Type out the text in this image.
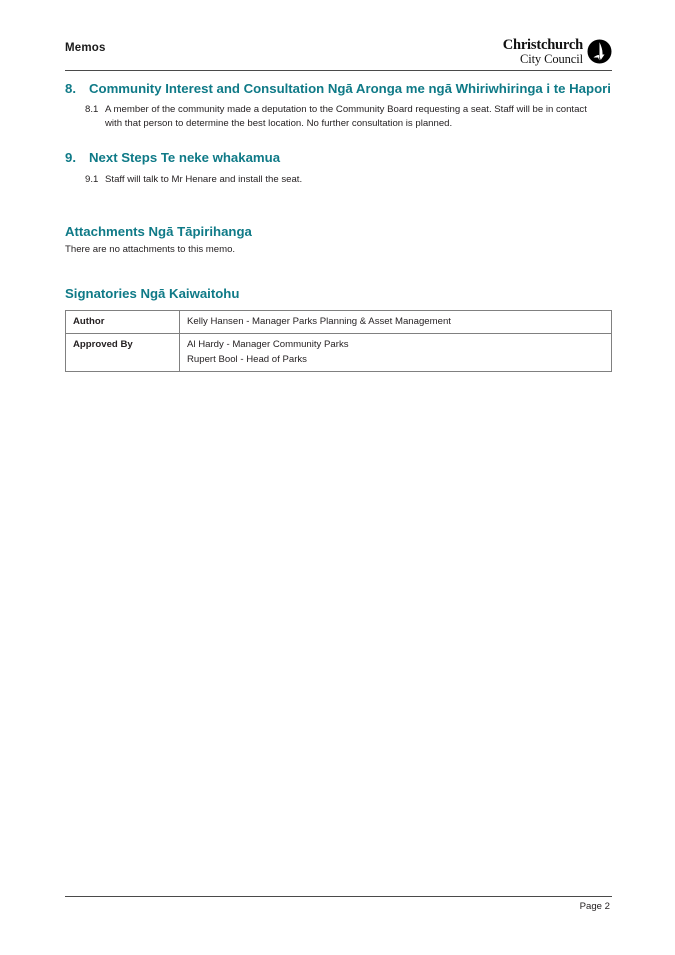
Memos	Christchurch
City Council
8. Community Interest and Consultation Ngā Aronga me ngā Whiriwhiringa i te Hapori
8.1 A member of the community made a deputation to the Community Board requesting a seat. Staff will be in contact with that person to determine the best location. No further consultation is planned.
9. Next Steps Te neke whakamua
9.1 Staff will talk to Mr Henare and install the seat.
Attachments Ngā Tāpirihanga
There are no attachments to this memo.
Signatories Ngā Kaiwaitohu
Author	Kelly Hansen - Manager Parks Planning & Asset Management

Approved By	Al Hardy - Manager Community Parks
Rupert Bool - Head of Parks
Page 2
